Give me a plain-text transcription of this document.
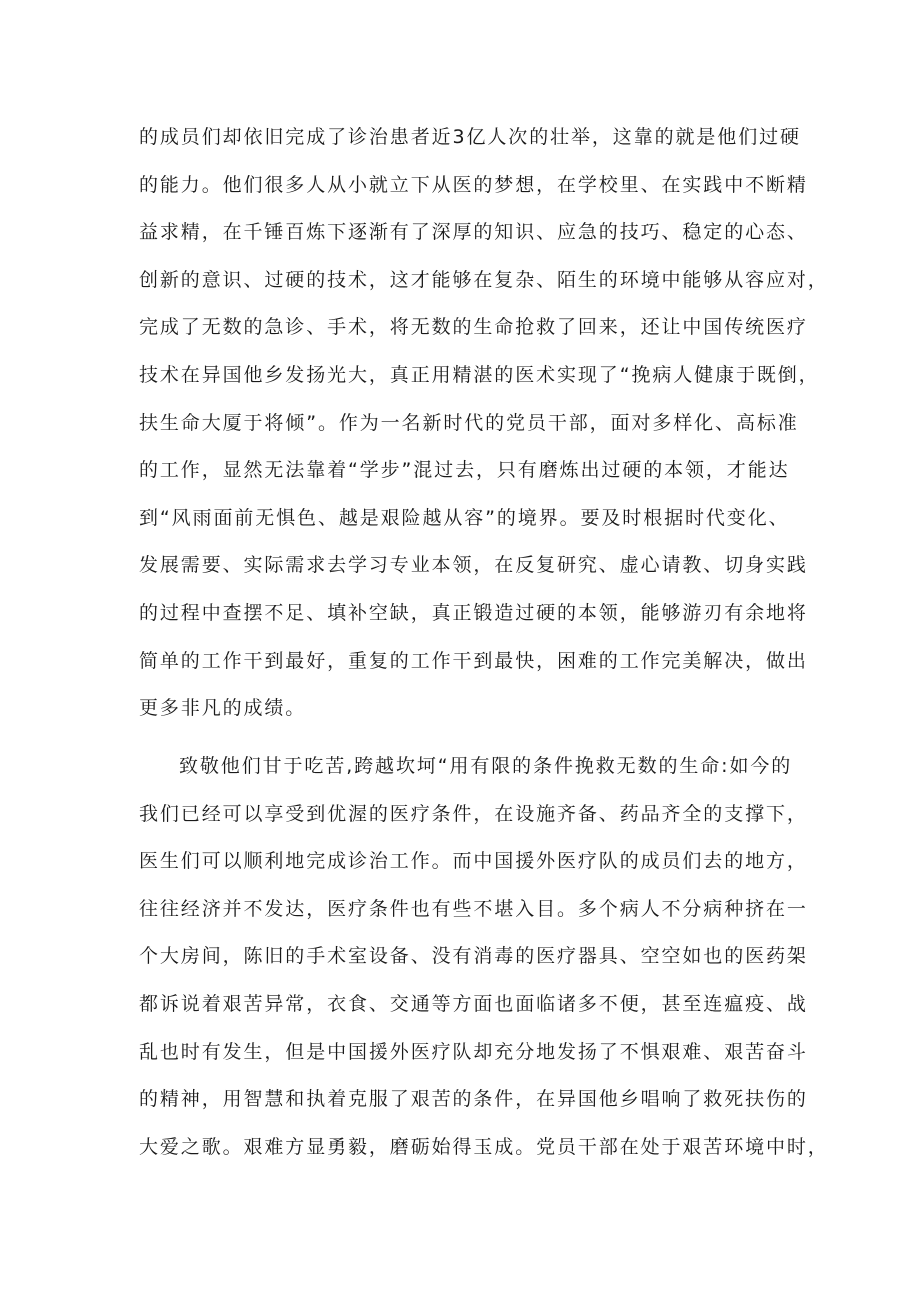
的成员们却依旧完成了诊治患者近3亿人次的壮举，这靠的就是他们过硬
的能力。他们很多人从小就立下从医的梦想，在学校里、在实践中不断精
益求精，在千锤百炼下逐渐有了深厚的知识、应急的技巧、稳定的心态、
创新的意识、过硬的技术，这才能够在复杂、陌生的环境中能够从容应对，
完成了无数的急诊、手术，将无数的生命抢救了回来，还让中国传统医疗
技术在异国他乡发扬光大，真正用精湛的医术实现了“挽病人健康于既倒，
扶生命大厦于将倾”。作为一名新时代的党员干部，面对多样化、高标准
的工作，显然无法靠着“学步”混过去，只有磨炼出过硬的本领，才能达
到“风雨面前无惧色、越是艰险越从容”的境界。要及时根据时代变化、
发展需要、实际需求去学习专业本领，在反复研究、虚心请教、切身实践
的过程中查摆不足、填补空缺，真正锻造过硬的本领，能够游刃有余地将
简单的工作干到最好，重复的工作干到最快，困难的工作完美解决，做出
更多非凡的成绩。
致敬他们甘于吃苦,跨越坎坷“用有限的条件挽救无数的生命:如今的
我们已经可以享受到优渥的医疗条件，在设施齐备、药品齐全的支撑下，
医生们可以顺利地完成诊治工作。而中国援外医疗队的成员们去的地方，
往往经济并不发达，医疗条件也有些不堪入目。多个病人不分病种挤在一
个大房间，陈旧的手术室设备、没有消毒的医疗器具、空空如也的医药架
都诉说着艰苦异常，衣食、交通等方面也面临诸多不便，甚至连瘟疫、战
乱也时有发生，但是中国援外医疗队却充分地发扬了不惧艰难、艰苦奋斗
的精神，用智慧和执着克服了艰苦的条件，在异国他乡唱响了救死扶伤的
大爱之歌。艰难方显勇毅，磨砺始得玉成。党员干部在处于艰苦环境中时，
